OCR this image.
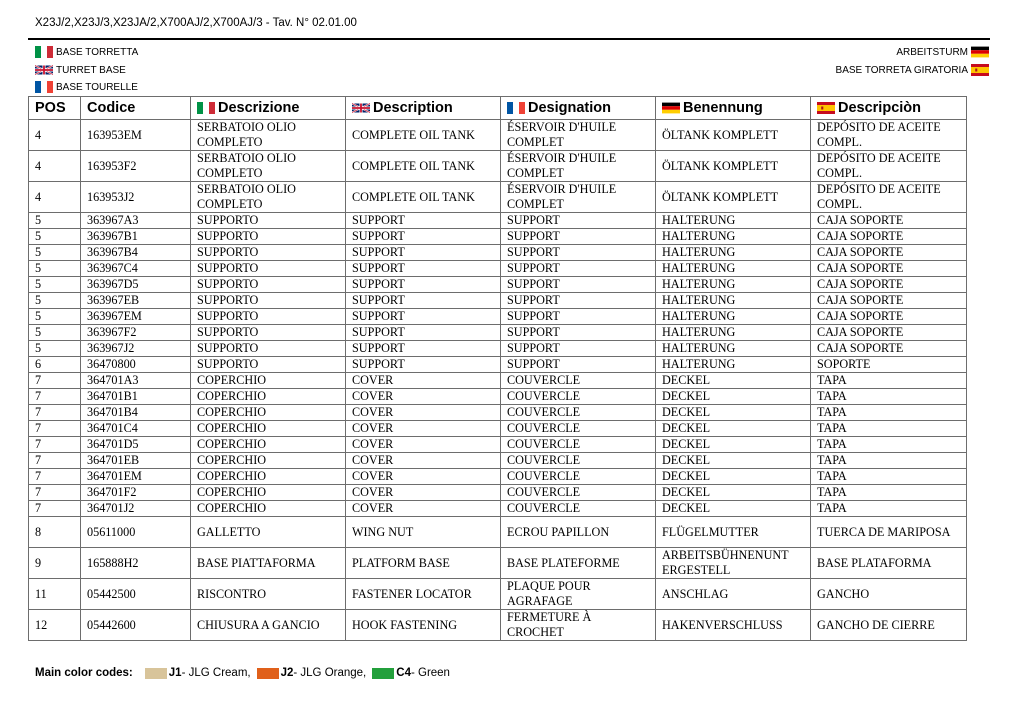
X23J/2,X23J/3,X23JA/2,X700AJ/2,X700AJ/3 - Tav. N° 02.01.00
BASE TORRETTA
TURRET BASE
BASE TOURELLE
ARBEITSTURM
BASE TORRETA GIRATORIA
POS	Codice	Descrizione	Description	Designation	Benennung	Descripciòn
4	163953EM	SERBATOIO OLIO COMPLETO	COMPLETE OIL TANK	ÉSERVOIR D'HUILE COMPLET	ÖLTANK KOMPLETT	DEPÓSITO DE ACEITE COMPL.
4	163953F2	SERBATOIO OLIO COMPLETO	COMPLETE OIL TANK	ÉSERVOIR D'HUILE COMPLET	ÖLTANK KOMPLETT	DEPÓSITO DE ACEITE COMPL.
4	163953J2	SERBATOIO OLIO COMPLETO	COMPLETE OIL TANK	ÉSERVOIR D'HUILE COMPLET	ÖLTANK KOMPLETT	DEPÓSITO DE ACEITE COMPL.
5	363967A3	SUPPORTO	SUPPORT	SUPPORT	HALTERUNG	CAJA SOPORTE
5	363967B1	SUPPORTO	SUPPORT	SUPPORT	HALTERUNG	CAJA SOPORTE
5	363967B4	SUPPORTO	SUPPORT	SUPPORT	HALTERUNG	CAJA SOPORTE
5	363967C4	SUPPORTO	SUPPORT	SUPPORT	HALTERUNG	CAJA SOPORTE
5	363967D5	SUPPORTO	SUPPORT	SUPPORT	HALTERUNG	CAJA SOPORTE
5	363967EB	SUPPORTO	SUPPORT	SUPPORT	HALTERUNG	CAJA SOPORTE
5	363967EM	SUPPORTO	SUPPORT	SUPPORT	HALTERUNG	CAJA SOPORTE
5	363967F2	SUPPORTO	SUPPORT	SUPPORT	HALTERUNG	CAJA SOPORTE
5	363967J2	SUPPORTO	SUPPORT	SUPPORT	HALTERUNG	CAJA SOPORTE
6	36470800	SUPPORTO	SUPPORT	SUPPORT	HALTERUNG	SOPORTE
7	364701A3	COPERCHIO	COVER	COUVERCLE	DECKEL	TAPA
7	364701B1	COPERCHIO	COVER	COUVERCLE	DECKEL	TAPA
7	364701B4	COPERCHIO	COVER	COUVERCLE	DECKEL	TAPA
7	364701C4	COPERCHIO	COVER	COUVERCLE	DECKEL	TAPA
7	364701D5	COPERCHIO	COVER	COUVERCLE	DECKEL	TAPA
7	364701EB	COPERCHIO	COVER	COUVERCLE	DECKEL	TAPA
7	364701EM	COPERCHIO	COVER	COUVERCLE	DECKEL	TAPA
7	364701F2	COPERCHIO	COVER	COUVERCLE	DECKEL	TAPA
7	364701J2	COPERCHIO	COVER	COUVERCLE	DECKEL	TAPA
8	05611000	GALLETTO	WING NUT	ECROU PAPILLON	FLÜGELMUTTER	TUERCA DE MARIPOSA
9	165888H2	BASE PIATTAFORMA	PLATFORM BASE	BASE PLATEFORME	ARBEITSBÜHNENUNT ERGESTELL	BASE PLATAFORMA
11	05442500	RISCONTRO	FASTENER LOCATOR	PLAQUE POUR AGRAFAGE	ANSCHLAG	GANCHO
12	05442600	CHIUSURA A GANCIO	HOOK FASTENING	FERMETURE À CROCHET	HAKENVERSCHLUSS	GANCHO DE CIERRE
Main color codes:	J1 - JLG Cream,	J2 - JLG Orange,	C4 - Green
